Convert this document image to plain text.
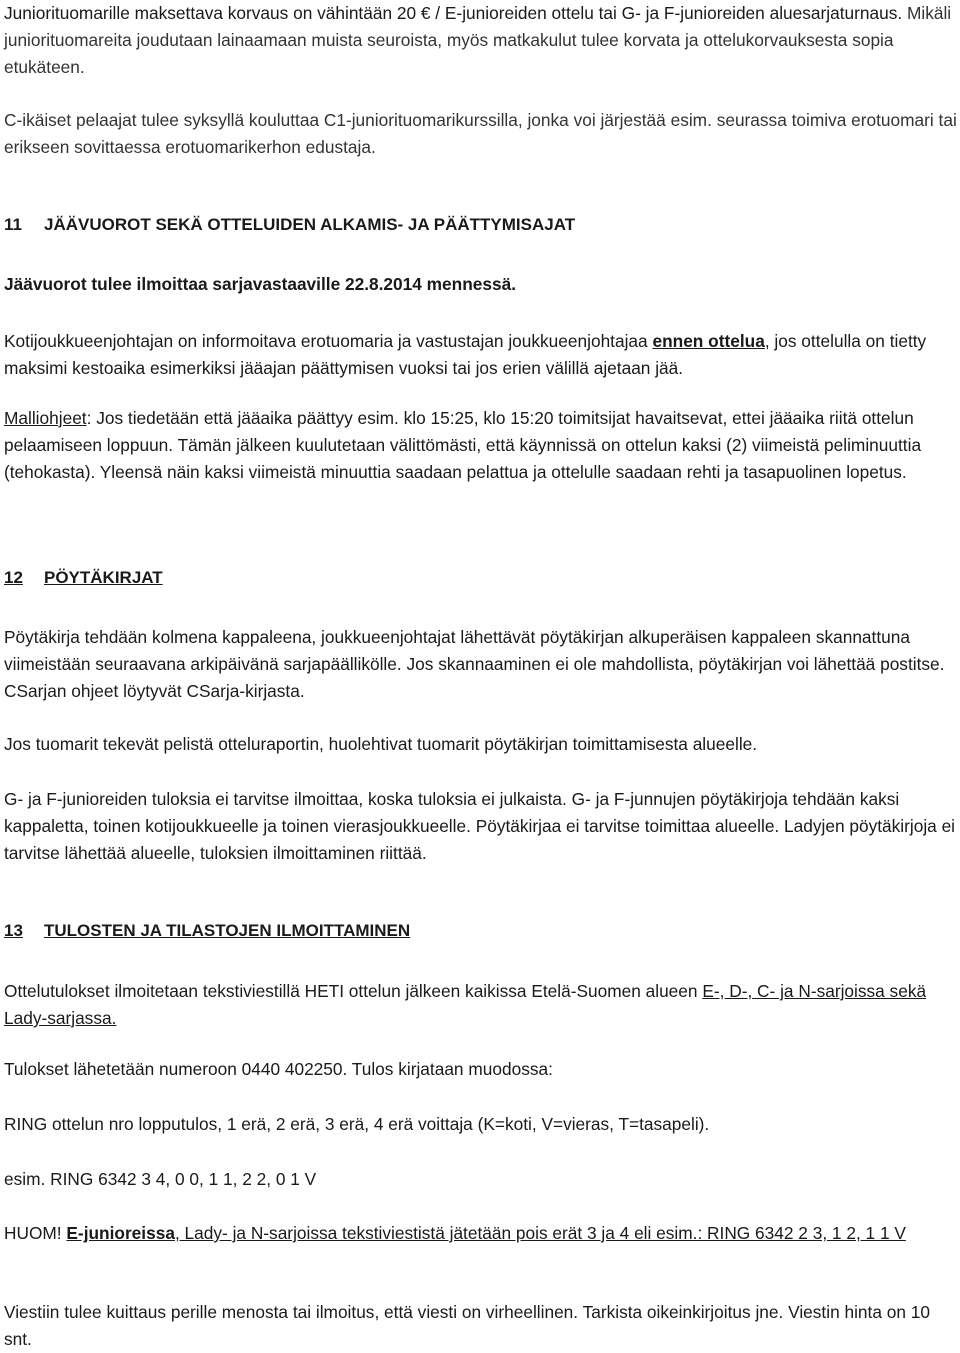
Juniorituomarille maksettava korvaus on vähintään 20 € / E-junioreiden ottelu tai G- ja F-junioreiden aluesarjaturnaus. Mikäli juniorituomareita joudutaan lainaamaan muista seuroista, myös matkakulut tulee korvata ja ottelukorvauksesta sopia etukäteen.

C-ikäiset pelaajat tulee syksyllä kouluttaa C1-juniorituomarikurssilla, jonka voi järjestää esim. seurassa toimiva erotuomari tai erikseen sovittaessa erotuomarikerhon edustaja.

11 JÄÄVUOROT SEKÄ OTTELUIDEN ALKAMIS- JA PÄÄTTYMISAJAT

Jäävuorot tulee ilmoittaa sarjavastaaville 22.8.2014 mennessä.

Kotijoukkueenjohtajan on informoitava erotuomaria ja vastustajan joukkueenjohtajaa ennen ottelua, jos ottelulla on tietty maksimi kestoaika esimerkiksi jääajan päättymisen vuoksi tai jos erien välillä ajetaan jää.

Malliohjeet: Jos tiedetään että jääaika päättyy esim. klo 15:25, klo 15:20 toimitsijat havaitsevat, ettei jääaika riitä ottelun pelaamiseen loppuun. Tämän jälkeen kuulutetaan välittömästi, että käynnissä on ottelun kaksi (2) viimeistä peliminuuttia (tehokasta). Yleensä näin kaksi viimeistä minuuttia saadaan pelattua ja ottelulle saadaan rehti ja tasapuolinen lopetus.

12 PÖYTÄKIRJAT

Pöytäkirja tehdään kolmena kappaleena, joukkueenjohtajat lähettävät pöytäkirjan alkuperäisen kappaleen skannattuna viimeistään seuraavana arkipäivänä sarjapäällikölle. Jos skannaaminen ei ole mahdollista, pöytäkirjan voi lähettää postitse. CSarjan ohjeet löytyvät CSarja-kirjasta.

Jos tuomarit tekevät pelistä otteluraportin, huolehtivat tuomarit pöytäkirjan toimittamisesta alueelle.

G- ja F-junioreiden tuloksia ei tarvitse ilmoittaa, koska tuloksia ei julkaista. G- ja F-junnujen pöytäkirjoja tehdään kaksi kappaletta, toinen kotijoukkueelle ja toinen vierasjoukkueelle. Pöytäkirjaa ei tarvitse toimittaa alueelle. Ladyjen pöytäkirjoja ei tarvitse lähettää alueelle, tuloksien ilmoittaminen riittää.

13 TULOSTEN JA TILASTOJEN ILMOITTAMINEN

Ottelutulokset ilmoitetaan tekstiviestillä HETI ottelun jälkeen kaikissa Etelä-Suomen alueen E-, D-, C- ja N-sarjoissa sekä Lady-sarjassa.

Tulokset lähetetään numeroon 0440 402250. Tulos kirjataan muodossa:

RING ottelun nro lopputulos, 1 erä, 2 erä, 3 erä, 4 erä voittaja (K=koti, V=vieras, T=tasapeli).

esim. RING 6342 3 4, 0 0, 1 1, 2 2, 0 1 V

HUOM! E-junioreissa, Lady- ja N-sarjoissa tekstiviestistä jätetään pois erät 3 ja 4 eli esim.: RING 6342 2 3, 1 2, 1 1 V

Viestiin tulee kuittaus perille menosta tai ilmoitus, että viesti on virheellinen. Tarkista oikeinkirjoitus jne. Viestin hinta on 10 snt.
